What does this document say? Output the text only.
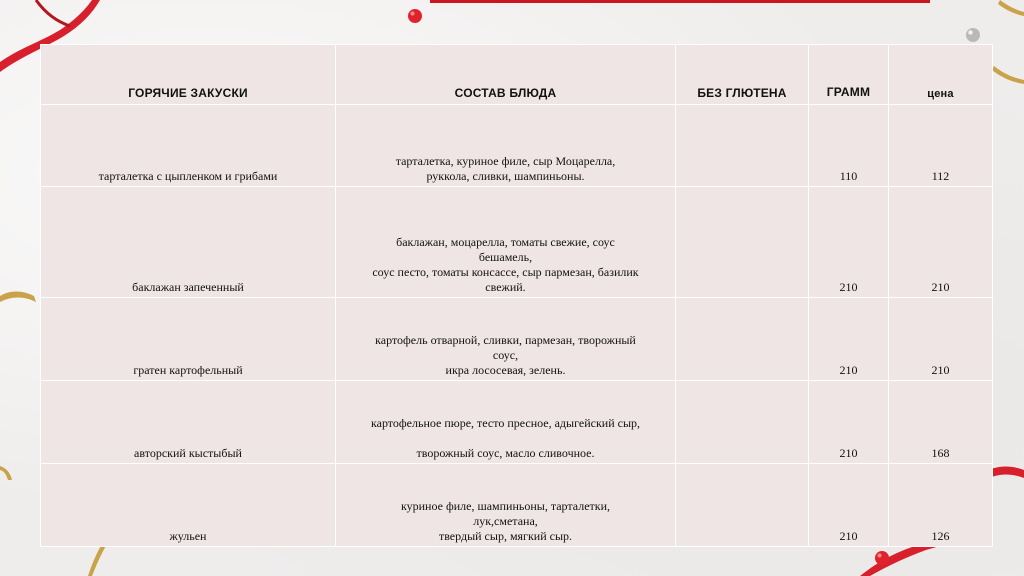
ГОРЯЧИЕ ЗАКУСКИ	СОСТАВ БЛЮДА	БЕЗ ГЛЮТЕНА	ГРАММ	цена
тарталетка с цыпленком и грибами	тарталетка, куриное филе, сыр Моцарелла,
руккола, сливки, шампиньоны.		110	112
баклажан запеченный	баклажан, моцарелла, томаты свежие, соус
бешамель,
соус песто, томаты консассе, сыр пармезан, базилик
свежий.		210	210
гратен картофельный	картофель отварной, сливки, пармезан, творожный
соус,
икра лососевая, зелень.		210	210
авторский кыстыбый	картофельное пюре, тесто пресное, адыгейский сыр,
творожный соус, масло сливочное.		210	168
жульен	куриное филе, шампиньоны, тарталетки,
лук,сметана,
твердый сыр, мягкий сыр.		210	126
